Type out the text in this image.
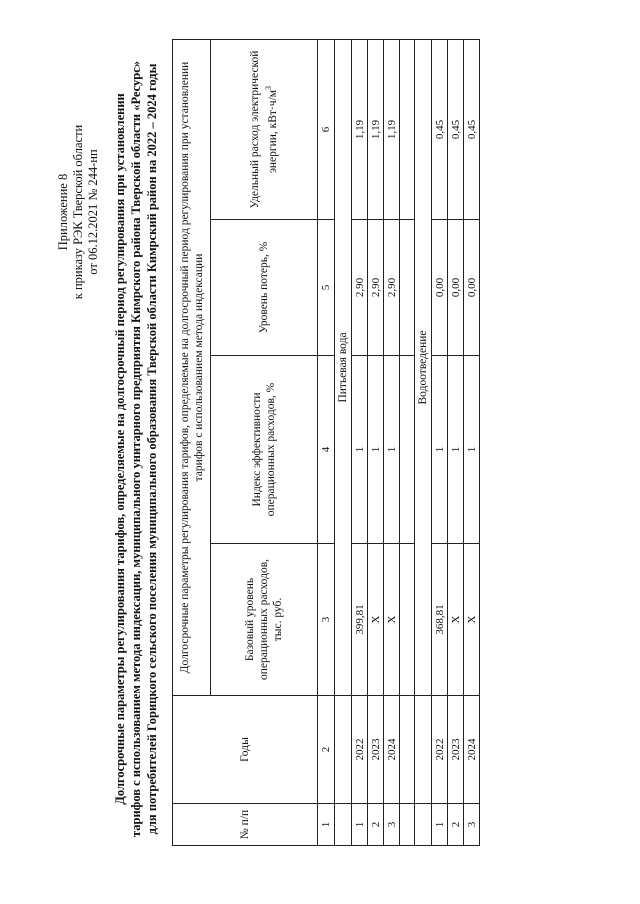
Приложение 8 к приказу РЭК Тверской области от 06.12.2021 № 244-нп Долгосрочные параметры регулирования тарифов, определяемые на долгосрочный период регулирования при установлении тарифов с использованием метода индексации, муниципального унитарного предприятия Кимрского района Тверской области «Ресурс» для потребителей Горицкого сельского поселения муниципального образования Тверской области Кимрский район на 2022 – 2024 годы	№ п/п	Годы	Долгосрочные параметры регулирования тарифов, определяемые на долгосрочный период регулирования при установлении тарифов с использованием метода индексации			
		Базовый уровень операционных расходов, тыс. руб.	Индекс эффективности операционных расходов, %	Уровень потерь, %	Удельный расход электрической энергии, $кВт\cdot ч/м^3$
1	2	3	4	5	6
		Питьевая вода			
1	2022	399,81	1	2,90	1,19
2	2023	X	1	2,90	1,19
3	2024	X	1	2,90	1,19

		Водоотведение			
1	2022	368,81	1	0,00	0,45
2	2023	X	1	0,00	0,45
3	2024	X	1	0,00	0,45
